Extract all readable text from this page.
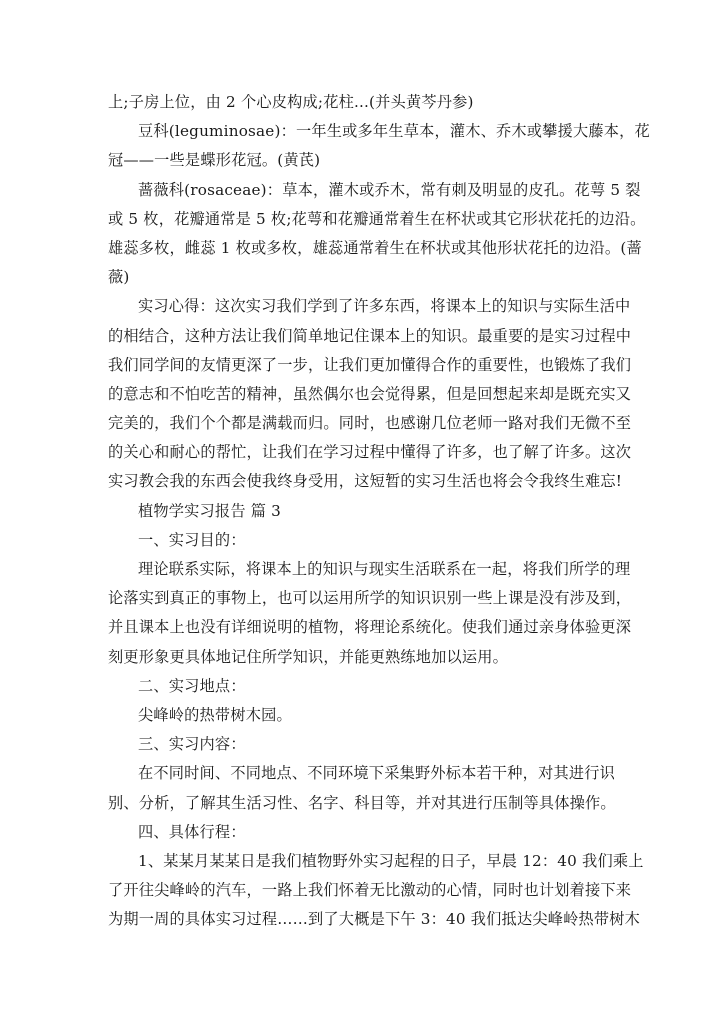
上;子房上位，由 2 个心皮构成;花柱...(并头黄芩丹参)
豆科(leguminosae)：一年生或多年生草本，灌木、乔木或攀援大藤本，花
冠——一些是蝶形花冠。(黄芪)
蔷薇科(rosaceae)：草本，灌木或乔木，常有刺及明显的皮孔。花萼 5 裂
或 5 枚，花瓣通常是 5 枚;花萼和花瓣通常着生在杯状或其它形状花托的边沿。
雄蕊多枚，雌蕊 1 枚或多枚，雄蕊通常着生在杯状或其他形状花托的边沿。(蔷
薇)
实习心得：这次实习我们学到了许多东西，将课本上的知识与实际生活中
的相结合，这种方法让我们简单地记住课本上的知识。最重要的是实习过程中
我们同学间的友情更深了一步，让我们更加懂得合作的重要性，也锻炼了我们
的意志和不怕吃苦的精神，虽然偶尔也会觉得累，但是回想起来却是既充实又
完美的，我们个个都是满载而归。同时，也感谢几位老师一路对我们无微不至
的关心和耐心的帮忙，让我们在学习过程中懂得了许多，也了解了许多。这次
实习教会我的东西会使我终身受用，这短暂的实习生活也将会令我终生难忘!
植物学实习报告 篇 3
一、实习目的：
理论联系实际，将课本上的知识与现实生活联系在一起，将我们所学的理
论落实到真正的事物上，也可以运用所学的知识识别一些上课是没有涉及到，
并且课本上也没有详细说明的植物，将理论系统化。使我们通过亲身体验更深
刻更形象更具体地记住所学知识，并能更熟练地加以运用。
二、实习地点：
尖峰岭的热带树木园。
三、实习内容：
在不同时间、不同地点、不同环境下采集野外标本若干种，对其进行识
别、分析，了解其生活习性、名字、科目等，并对其进行压制等具体操作。
四、具体行程：
1、某某月某某日是我们植物野外实习起程的日子，早晨 12：40 我们乘上
了开往尖峰岭的汽车，一路上我们怀着无比激动的心情，同时也计划着接下来
为期一周的具体实习过程……到了大概是下午 3：40 我们抵达尖峰岭热带树木
